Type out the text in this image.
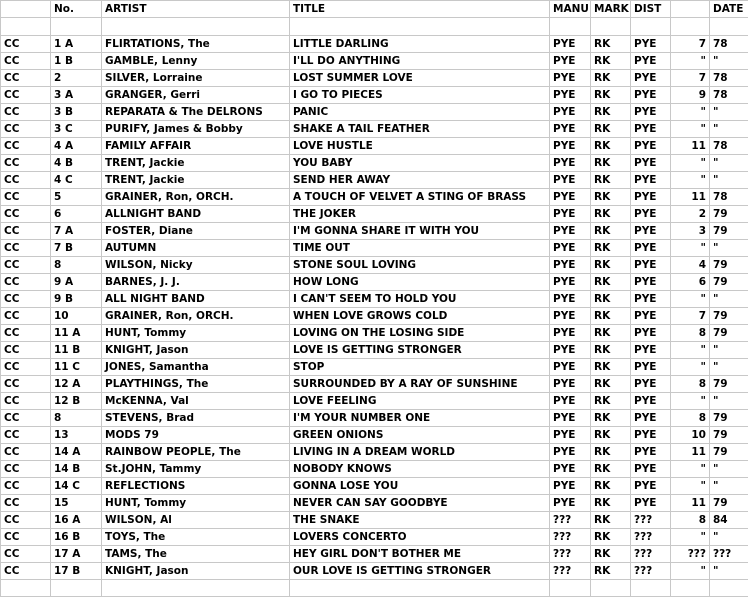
	No.	ARTIST	TITLE	MANU	MARK	DIST		DATE

CC	1 A	FLIRTATIONS, The	LITTLE DARLING	PYE	RK	PYE	7	78
CC	1 B	GAMBLE, Lenny	I'LL DO ANYTHING	PYE	RK	PYE	"	"
CC	2	SILVER, Lorraine	LOST SUMMER LOVE	PYE	RK	PYE	7	78
CC	3 A	GRANGER, Gerri	I GO TO PIECES	PYE	RK	PYE	9	78
CC	3 B	REPARATA & The DELRONS	PANIC	PYE	RK	PYE	"	"
CC	3 C	PURIFY, James & Bobby	SHAKE A TAIL FEATHER	PYE	RK	PYE	"	"
CC	4 A	FAMILY AFFAIR	LOVE HUSTLE	PYE	RK	PYE	11	78
CC	4 B	TRENT, Jackie	YOU BABY	PYE	RK	PYE	"	"
CC	4 C	TRENT, Jackie	SEND HER AWAY	PYE	RK	PYE	"	"
CC	5	GRAINER, Ron, ORCH.	A TOUCH OF VELVET A STING OF BRASS	PYE	RK	PYE	11	78
CC	6	ALLNIGHT BAND	THE JOKER	PYE	RK	PYE	2	79
CC	7 A	FOSTER, Diane	I'M GONNA SHARE IT WITH YOU	PYE	RK	PYE	3	79
CC	7 B	AUTUMN	TIME OUT	PYE	RK	PYE	"	"
CC	8	WILSON, Nicky	STONE SOUL LOVING	PYE	RK	PYE	4	79
CC	9 A	BARNES, J. J.	HOW LONG	PYE	RK	PYE	6	79
CC	9 B	ALL NIGHT BAND	I CAN'T SEEM TO HOLD YOU	PYE	RK	PYE	"	"
CC	10	GRAINER, Ron, ORCH.	WHEN LOVE GROWS COLD	PYE	RK	PYE	7	79
CC	11 A	HUNT, Tommy	LOVING ON THE LOSING SIDE	PYE	RK	PYE	8	79
CC	11 B	KNIGHT, Jason	LOVE IS GETTING STRONGER	PYE	RK	PYE	"	"
CC	11 C	JONES, Samantha	STOP	PYE	RK	PYE	"	"
CC	12 A	PLAYTHINGS, The	SURROUNDED BY A RAY OF SUNSHINE	PYE	RK	PYE	8	79
CC	12 B	McKENNA, Val	LOVE FEELING	PYE	RK	PYE	"	"
CC	8	STEVENS, Brad	I'M YOUR NUMBER ONE	PYE	RK	PYE	8	79
CC	13	MODS 79	GREEN ONIONS	PYE	RK	PYE	10	79
CC	14 A	RAINBOW PEOPLE, The	LIVING IN A DREAM WORLD	PYE	RK	PYE	11	79
CC	14 B	St.JOHN, Tammy	NOBODY KNOWS	PYE	RK	PYE	"	"
CC	14 C	REFLECTIONS	GONNA LOSE YOU	PYE	RK	PYE	"	"
CC	15	HUNT, Tommy	NEVER CAN SAY GOODBYE	PYE	RK	PYE	11	79
CC	16 A	WILSON, Al	THE SNAKE	???	RK	???	8	84
CC	16 B	TOYS, The	LOVERS CONCERTO	???	RK	???	"	"
CC	17 A	TAMS, The	HEY GIRL DON'T BOTHER ME	???	RK	???	???	???
CC	17 B	KNIGHT, Jason	OUR LOVE IS GETTING STRONGER	???	RK	???	"	"
